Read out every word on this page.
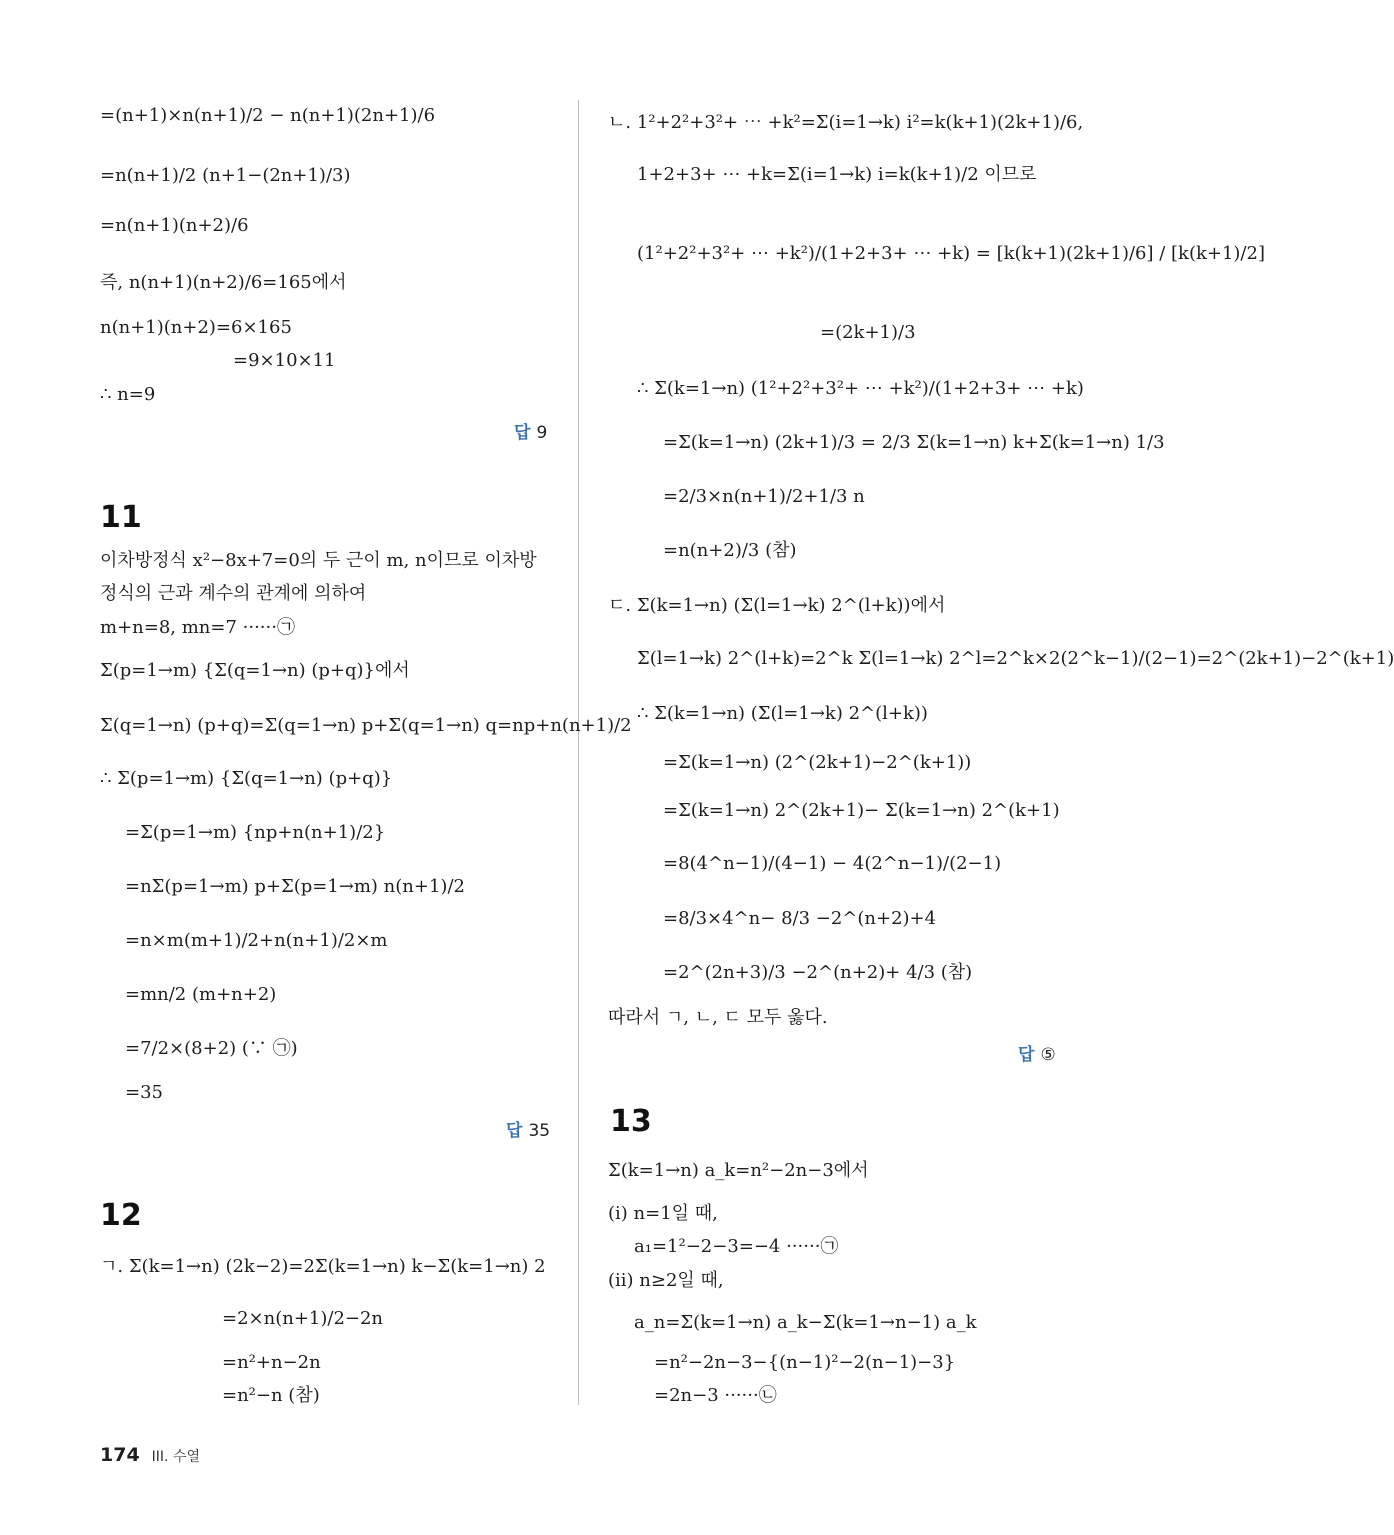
=(n+1)×n(n+1)/2 − n(n+1)(2n+1)/6
=n(n+1)/2 (n+1−(2n+1)/3)
=n(n+1)(n+2)/6
즉, n(n+1)(n+2)/6=165에서
n(n+1)(n+2)=6×165
=9×10×11
∴ n=9
답 9
11
이차방정식 x²−8x+7=0의 두 근이 m, n이므로 이차방
정식의 근과 계수의 관계에 의하여
m+n=8, mn=7 ······㉠
Σ(p=1→m) {Σ(q=1→n) (p+q)}에서
Σ(q=1→n) (p+q)=Σ(q=1→n) p+Σ(q=1→n) q=np+n(n+1)/2
∴ Σ(p=1→m) {Σ(q=1→n) (p+q)}
=Σ(p=1→m) {np+n(n+1)/2}
=nΣ(p=1→m) p+Σ(p=1→m) n(n+1)/2
=n×m(m+1)/2+n(n+1)/2×m
=mn/2 (m+n+2)
=7/2×(8+2) (∵ ㉠)
=35
답 35
12
ㄱ. Σ(k=1→n) (2k−2)=2Σ(k=1→n) k−Σ(k=1→n) 2
=2×n(n+1)/2−2n
=n²+n−2n
=n²−n (참)
ㄴ. 1²+2²+3²+ ⋯ +k²=Σ(i=1→k) i²=k(k+1)(2k+1)/6,
1+2+3+ ⋯ +k=Σ(i=1→k) i=k(k+1)/2 이므로
(1²+2²+3²+ ⋯ +k²)/(1+2+3+ ⋯ +k) = [k(k+1)(2k+1)/6] / [k(k+1)/2]
=(2k+1)/3
∴ Σ(k=1→n) (1²+2²+3²+ ⋯ +k²)/(1+2+3+ ⋯ +k)
=Σ(k=1→n) (2k+1)/3 = 2/3 Σ(k=1→n) k+Σ(k=1→n) 1/3
=2/3×n(n+1)/2+1/3 n
=n(n+2)/3 (참)
ㄷ. Σ(k=1→n) (Σ(l=1→k) 2^(l+k))에서
Σ(l=1→k) 2^(l+k)=2^k Σ(l=1→k) 2^l=2^k×2(2^k−1)/(2−1)=2^(2k+1)−2^(k+1)
∴ Σ(k=1→n) (Σ(l=1→k) 2^(l+k))
=Σ(k=1→n) (2^(2k+1)−2^(k+1))
=Σ(k=1→n) 2^(2k+1)− Σ(k=1→n) 2^(k+1)
=8(4^n−1)/(4−1) − 4(2^n−1)/(2−1)
=8/3×4^n− 8/3 −2^(n+2)+4
=2^(2n+3)/3 −2^(n+2)+ 4/3 (참)
따라서 ㄱ, ㄴ, ㄷ 모두 옳다.
답 ⑤
13
Σ(k=1→n) a_k=n²−2n−3에서
(i) n=1일 때,
a₁=1²−2−3=−4 ······㉠
(ii) n≥2일 때,
a_n=Σ(k=1→n) a_k−Σ(k=1→n−1) a_k
=n²−2n−3−{(n−1)²−2(n−1)−3}
=2n−3 ······㉡
174 III. 수열
